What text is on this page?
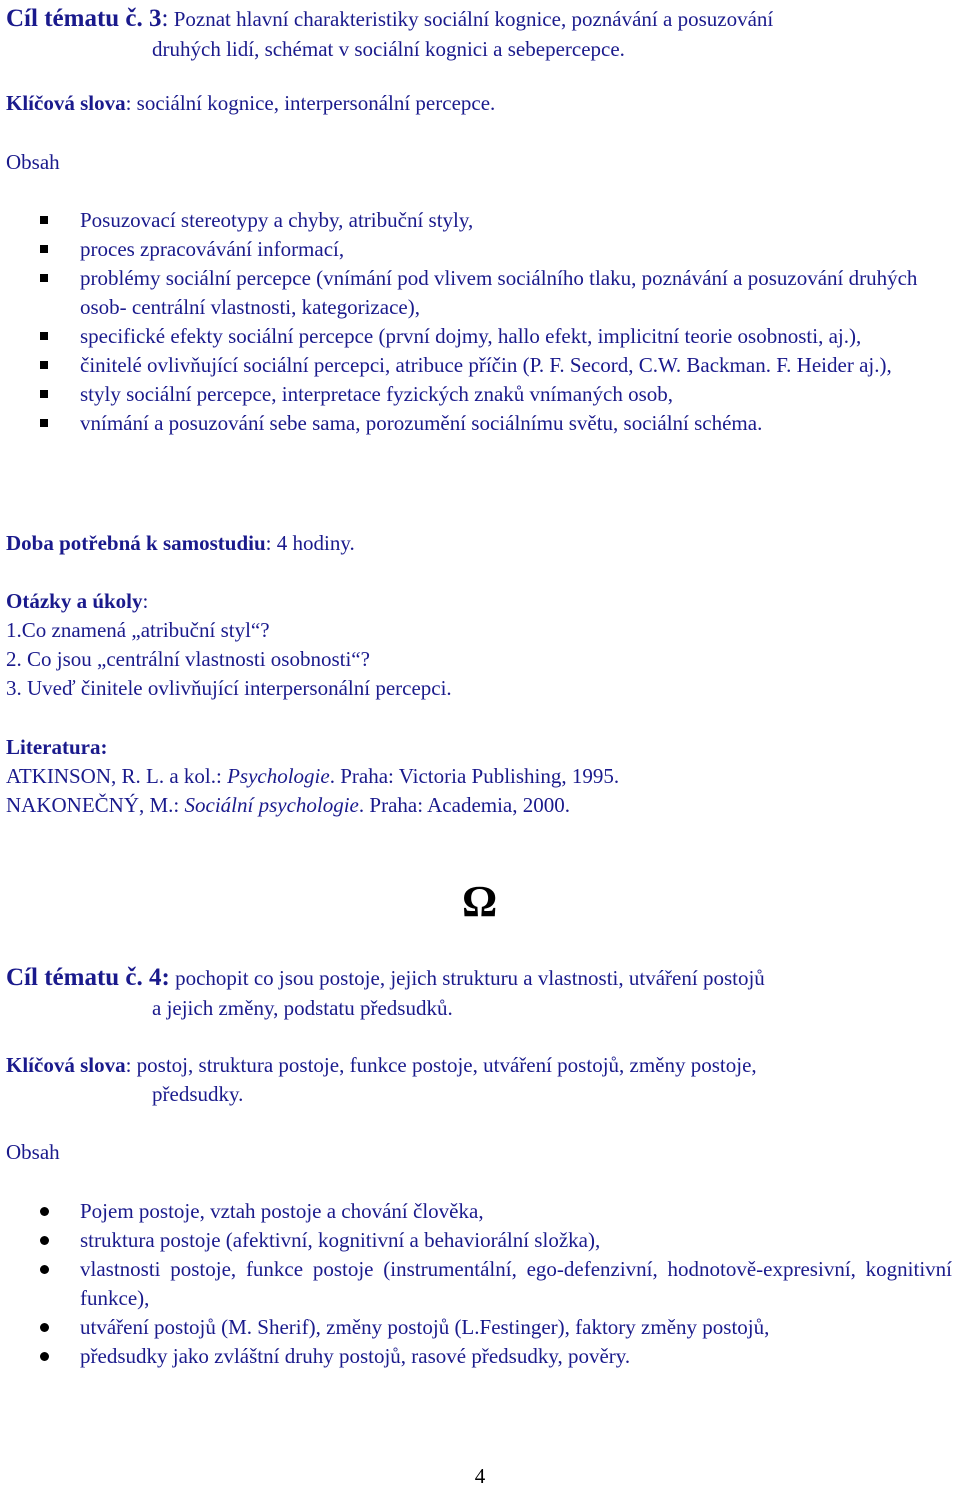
Cíl tématu č. 3: Poznat hlavní charakteristiky sociální kognice, poznávání a posuzování
druhých lidí, schémat v sociální kognici a sebepercepce.
Klíčová slova: sociální kognice, interpersonální percepce.
Obsah
Posuzovací stereotypy a chyby, atribuční styly,
proces zpracovávání informací,
problémy sociální percepce (vnímání pod vlivem sociálního tlaku, poznávání a posuzování druhých osob- centrální vlastnosti, kategorizace),
specifické efekty sociální percepce (první dojmy, hallo efekt, implicitní teorie osobnosti, aj.),
činitelé ovlivňující sociální percepci, atribuce příčin (P. F. Secord, C.W. Backman. F. Heider aj.),
styly sociální percepce, interpretace fyzických znaků vnímaných osob,
vnímání a posuzování sebe sama, porozumění sociálnímu světu, sociální schéma.
Doba potřebná k samostudiu: 4 hodiny.
Otázky a úkoly:
1.Co znamená „atribuční styl“?
2. Co jsou „centrální vlastnosti osobnosti“?
3. Uveď činitele ovlivňující interpersonální percepci.
Literatura:
ATKINSON, R. L. a kol.: Psychologie. Praha: Victoria Publishing, 1995.
NAKONEČNÝ, M.: Sociální psychologie. Praha: Academia, 2000.
Ω
Cíl tématu č. 4: pochopit co jsou postoje, jejich strukturu a vlastnosti, utváření postojů
a jejich změny, podstatu předsudků.
Klíčová slova: postoj, struktura postoje, funkce postoje, utváření postojů, změny postoje,
předsudky.
Obsah
Pojem postoje, vztah postoje a chování člověka,
struktura postoje (afektivní, kognitivní a behaviorální složka),
vlastnosti postoje, funkce postoje (instrumentální, ego-defenzivní, hodnotově-expresivní, kognitivní funkce),
utváření postojů (M. Sherif), změny postojů (L.Festinger), faktory změny postojů,
předsudky jako zvláštní druhy postojů, rasové předsudky, pověry.
4
